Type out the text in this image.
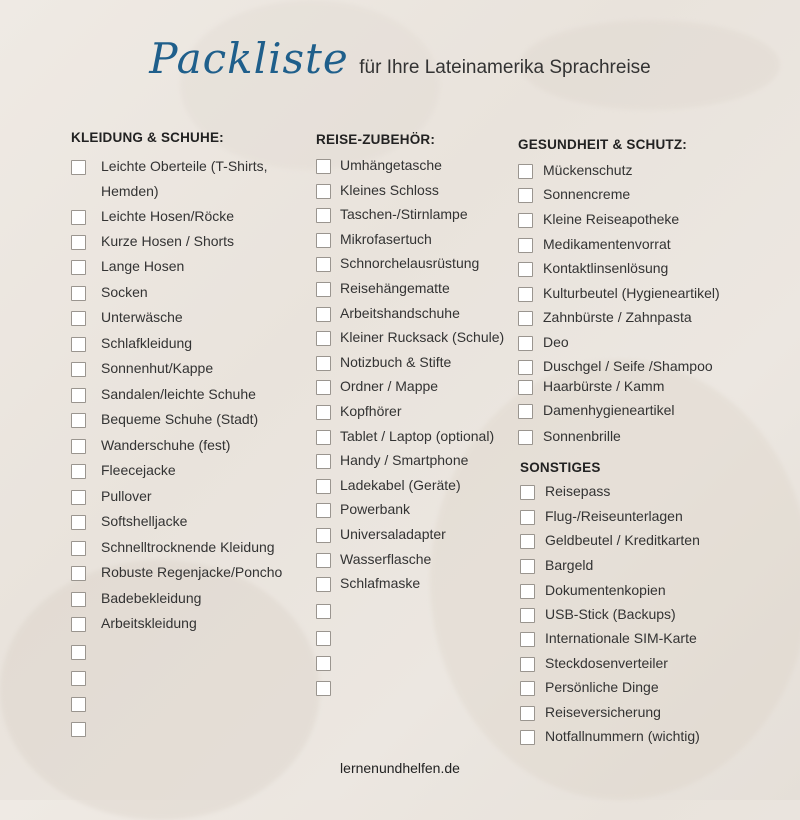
Packliste für Ihre Lateinamerika Sprachreise
KLEIDUNG & SCHUHE:
Leichte Oberteile (T-Shirts,
Hemden)
Leichte Hosen/Röcke
Kurze Hosen / Shorts
Lange Hosen
Socken
Unterwäsche
Schlafkleidung
Sonnenhut/Kappe
Sandalen/leichte Schuhe
Bequeme Schuhe (Stadt)
Wanderschuhe (fest)
Fleecejacke
Pullover
Softshelljacke
Schnelltrocknende Kleidung
Robuste Regenjacke/Poncho
Badebekleidung
Arbeitskleidung
REISE-ZUBEHÖR:
Umhängetasche
Kleines Schloss
Taschen-/Stirnlampe
Mikrofasertuch
Schnorchelausrüstung
Reisehängematte
Arbeitshandschuhe
Kleiner Rucksack (Schule)
Notizbuch & Stifte
Ordner / Mappe
Kopfhörer
Tablet / Laptop (optional)
Handy / Smartphone
Ladekabel (Geräte)
Powerbank
Universaladapter
Wasserflasche
Schlafmaske
GESUNDHEIT & SCHUTZ:
Mückenschutz
Sonnencreme
Kleine Reiseapotheke
Medikamentenvorrat
Kontaktlinsenlösung
Kulturbeutel (Hygieneartikel)
Zahnbürste / Zahnpasta
Deo
Duschgel / Seife /Shampoo
Haarbürste / Kamm
Damenhygieneartikel
Sonnenbrille
SONSTIGES
Reisepass
Flug-/Reiseunterlagen
Geldbeutel / Kreditkarten
Bargeld
Dokumentenkopien
USB-Stick (Backups)
Internationale SIM-Karte
Steckdosenverteiler
Persönliche Dinge
Reiseversicherung
Notfallnummern (wichtig)
lernenundhelfen.de
